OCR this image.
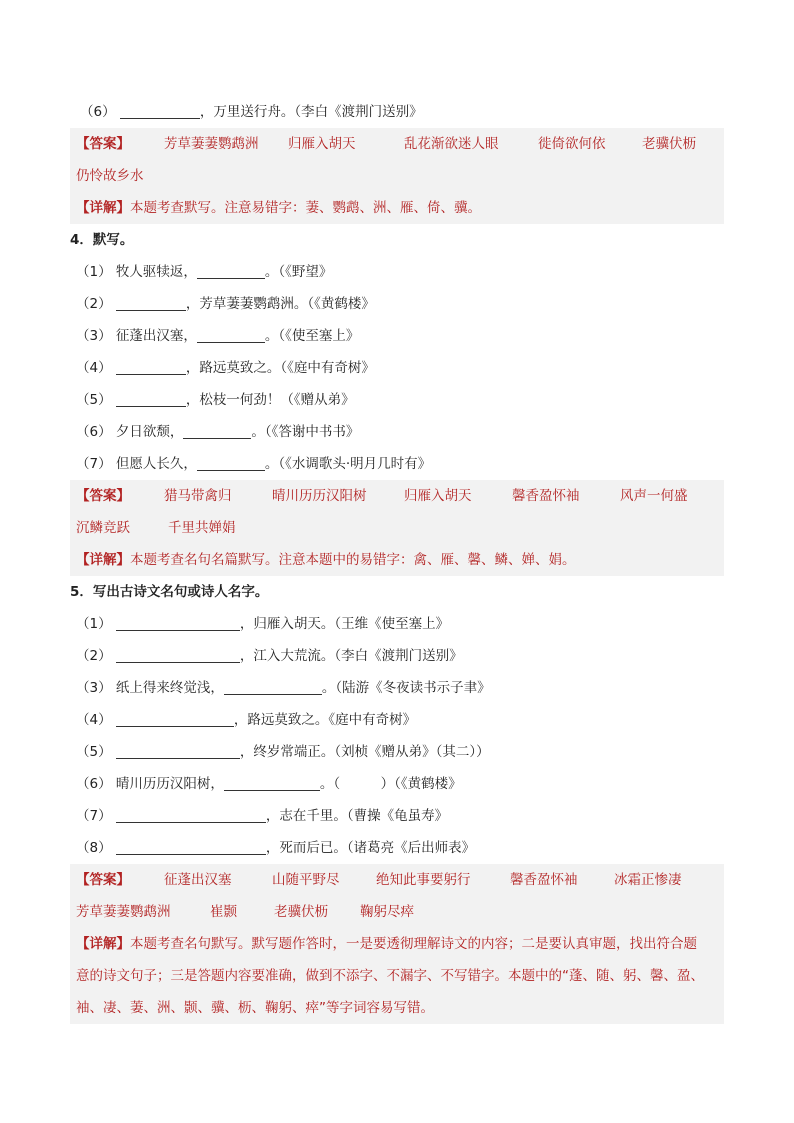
（6）	，万里送行舟。（李白《渡荆门送别》
【答案】	芳草萋萋鹦鹉洲	归雁入胡天	乱花渐欲迷人眼	徙倚欲何依	老骥伏枥
仍怜故乡水
【详解】本题考查默写。注意易错字：萋、鹦鹉、洲、雁、倚、骥。
4．默写。
（1） 牧人驱犊返，	。（《野望》
（2）	，芳草萋萋鹦鹉洲。（《黄鹤楼》
（3） 征蓬出汉塞，	。（《使至塞上》
（4）	，路远莫致之。（《庭中有奇树》
（5）	，松枝一何劲！（《赠从弟》
（6） 夕日欲颓，	。（《答谢中书书》
（7） 但愿人长久，	。（《水调歌头·明月几时有》
【答案】	猎马带禽归	晴川历历汉阳树	归雁入胡天	馨香盈怀袖	风声一何盛
沉鳞竞跃	千里共婵娟
【详解】本题考查名句名篇默写。注意本题中的易错字：禽、雁、馨、鳞、婵、娟。
5．写出古诗文名句或诗人名字。
（1）	，归雁入胡天。（王维《使至塞上》
（2）	，江入大荒流。（李白《渡荆门送别》
（3） 纸上得来终觉浅，	。（陆游《冬夜读书示子聿》
（4）	，路远莫致之。《庭中有奇树》
（5）	，终岁常端正。（刘桢《赠从弟》（其二））
（6） 晴川历历汉阳树，	。（　　　）（《黄鹤楼》
（7）	，志在千里。（曹操《龟虽寿》
（8）	，死而后已。（诸葛亮《后出师表》
【答案】	征蓬出汉塞	山随平野尽	绝知此事要躬行	馨香盈怀袖	冰霜正惨凄
芳草萋萋鹦鹉洲	崔颢	老骥伏枥	鞠躬尽瘁
【详解】本题考查名句默写。默写题作答时，一是要透彻理解诗文的内容；二是要认真审题，找出符合题
意的诗文句子；三是答题内容要准确，做到不添字、不漏字、不写错字。本题中的“蓬、随、躬、馨、盈、
袖、凄、萋、洲、颢、骥、枥、鞠躬、瘁”等字词容易写错。
